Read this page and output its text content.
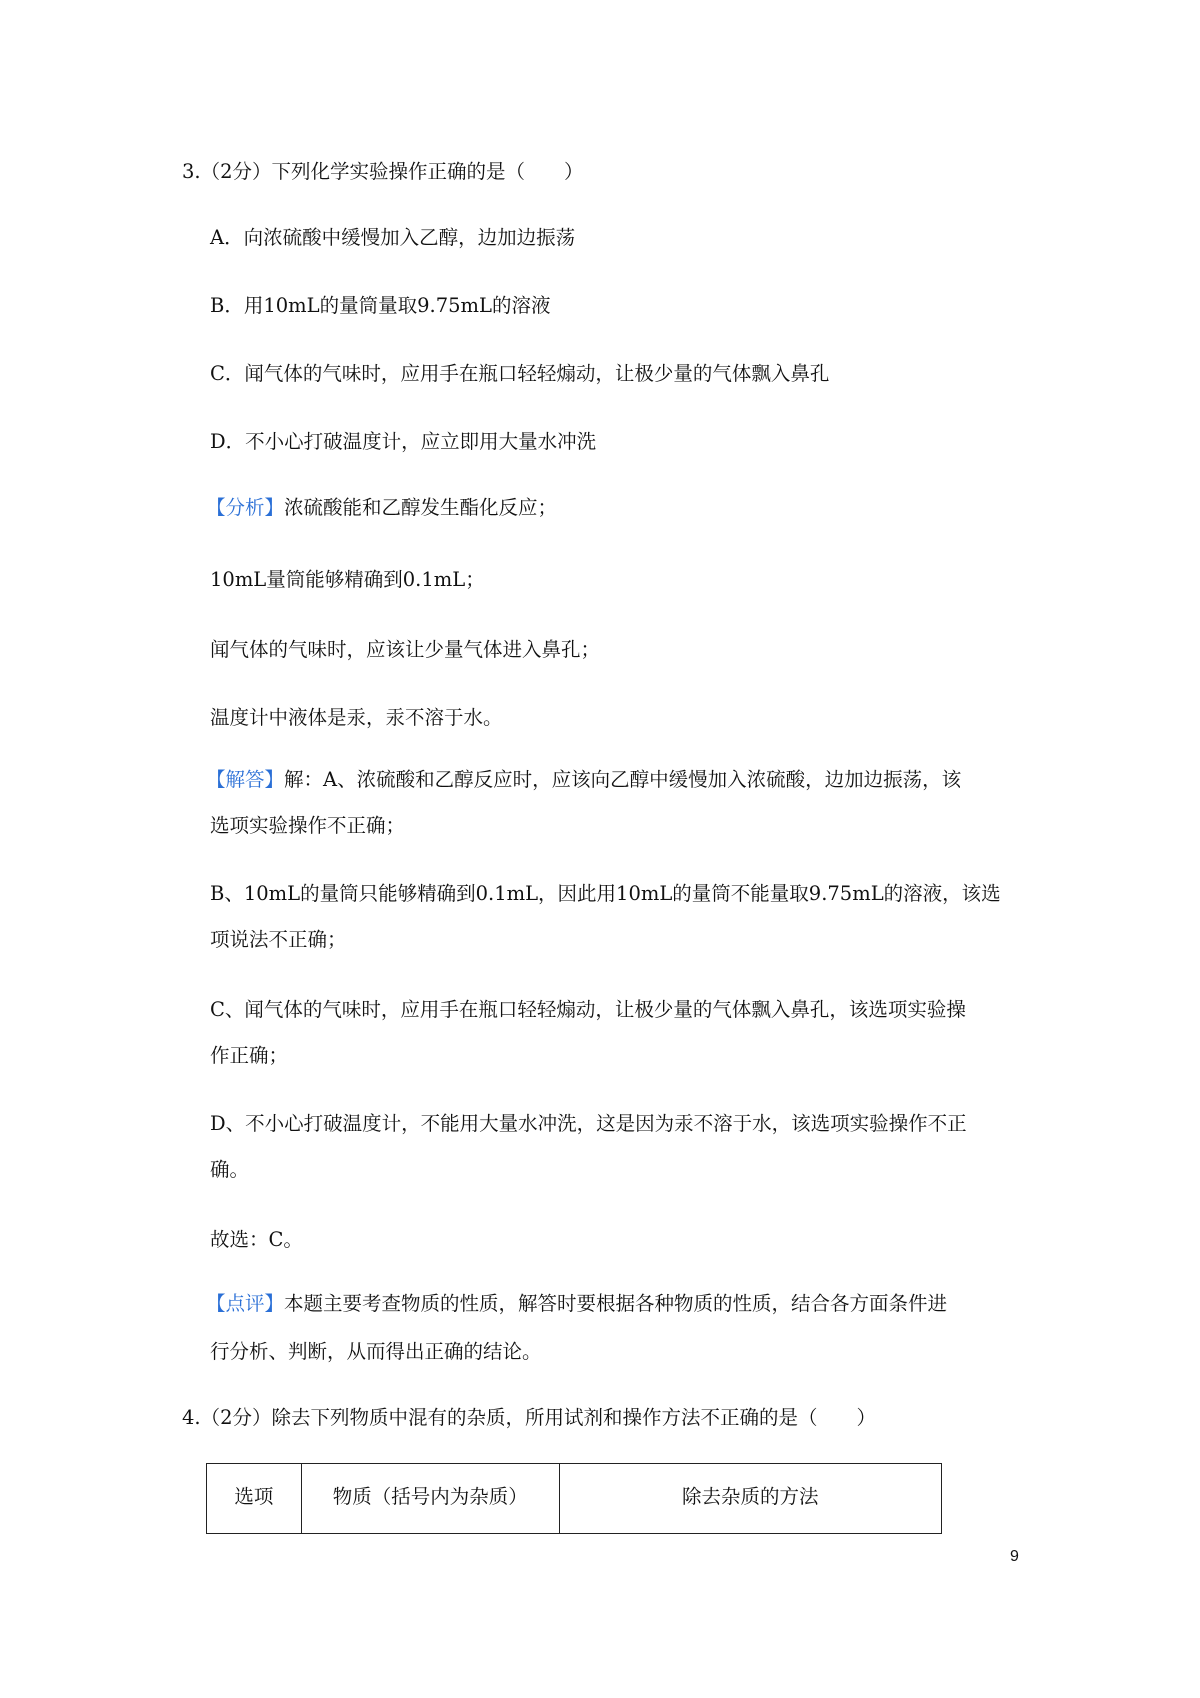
3.（2分）下列化学实验操作正确的是（　　）
A．向浓硫酸中缓慢加入乙醇，边加边振荡
B．用10mL的量筒量取9.75mL的溶液
C．闻气体的气味时，应用手在瓶口轻轻煽动，让极少量的气体飘入鼻孔
D．不小心打破温度计，应立即用大量水冲洗
【分析】浓硫酸能和乙醇发生酯化反应；
10mL量筒能够精确到0.1mL；
闻气体的气味时，应该让少量气体进入鼻孔；
温度计中液体是汞，汞不溶于水。
【解答】解：A、浓硫酸和乙醇反应时，应该向乙醇中缓慢加入浓硫酸，边加边振荡，该
选项实验操作不正确；
B、10mL的量筒只能够精确到0.1mL，因此用10mL的量筒不能量取9.75mL的溶液，该选
项说法不正确；
C、闻气体的气味时，应用手在瓶口轻轻煽动，让极少量的气体飘入鼻孔，该选项实验操
作正确；
D、不小心打破温度计，不能用大量水冲洗，这是因为汞不溶于水，该选项实验操作不正
确。
故选：C。
【点评】本题主要考查物质的性质，解答时要根据各种物质的性质，结合各方面条件进
行分析、判断，从而得出正确的结论。
4.（2分）除去下列物质中混有的杂质，所用试剂和操作方法不正确的是（　　）
选项	物质（括号内为杂质）	除去杂质的方法
9
